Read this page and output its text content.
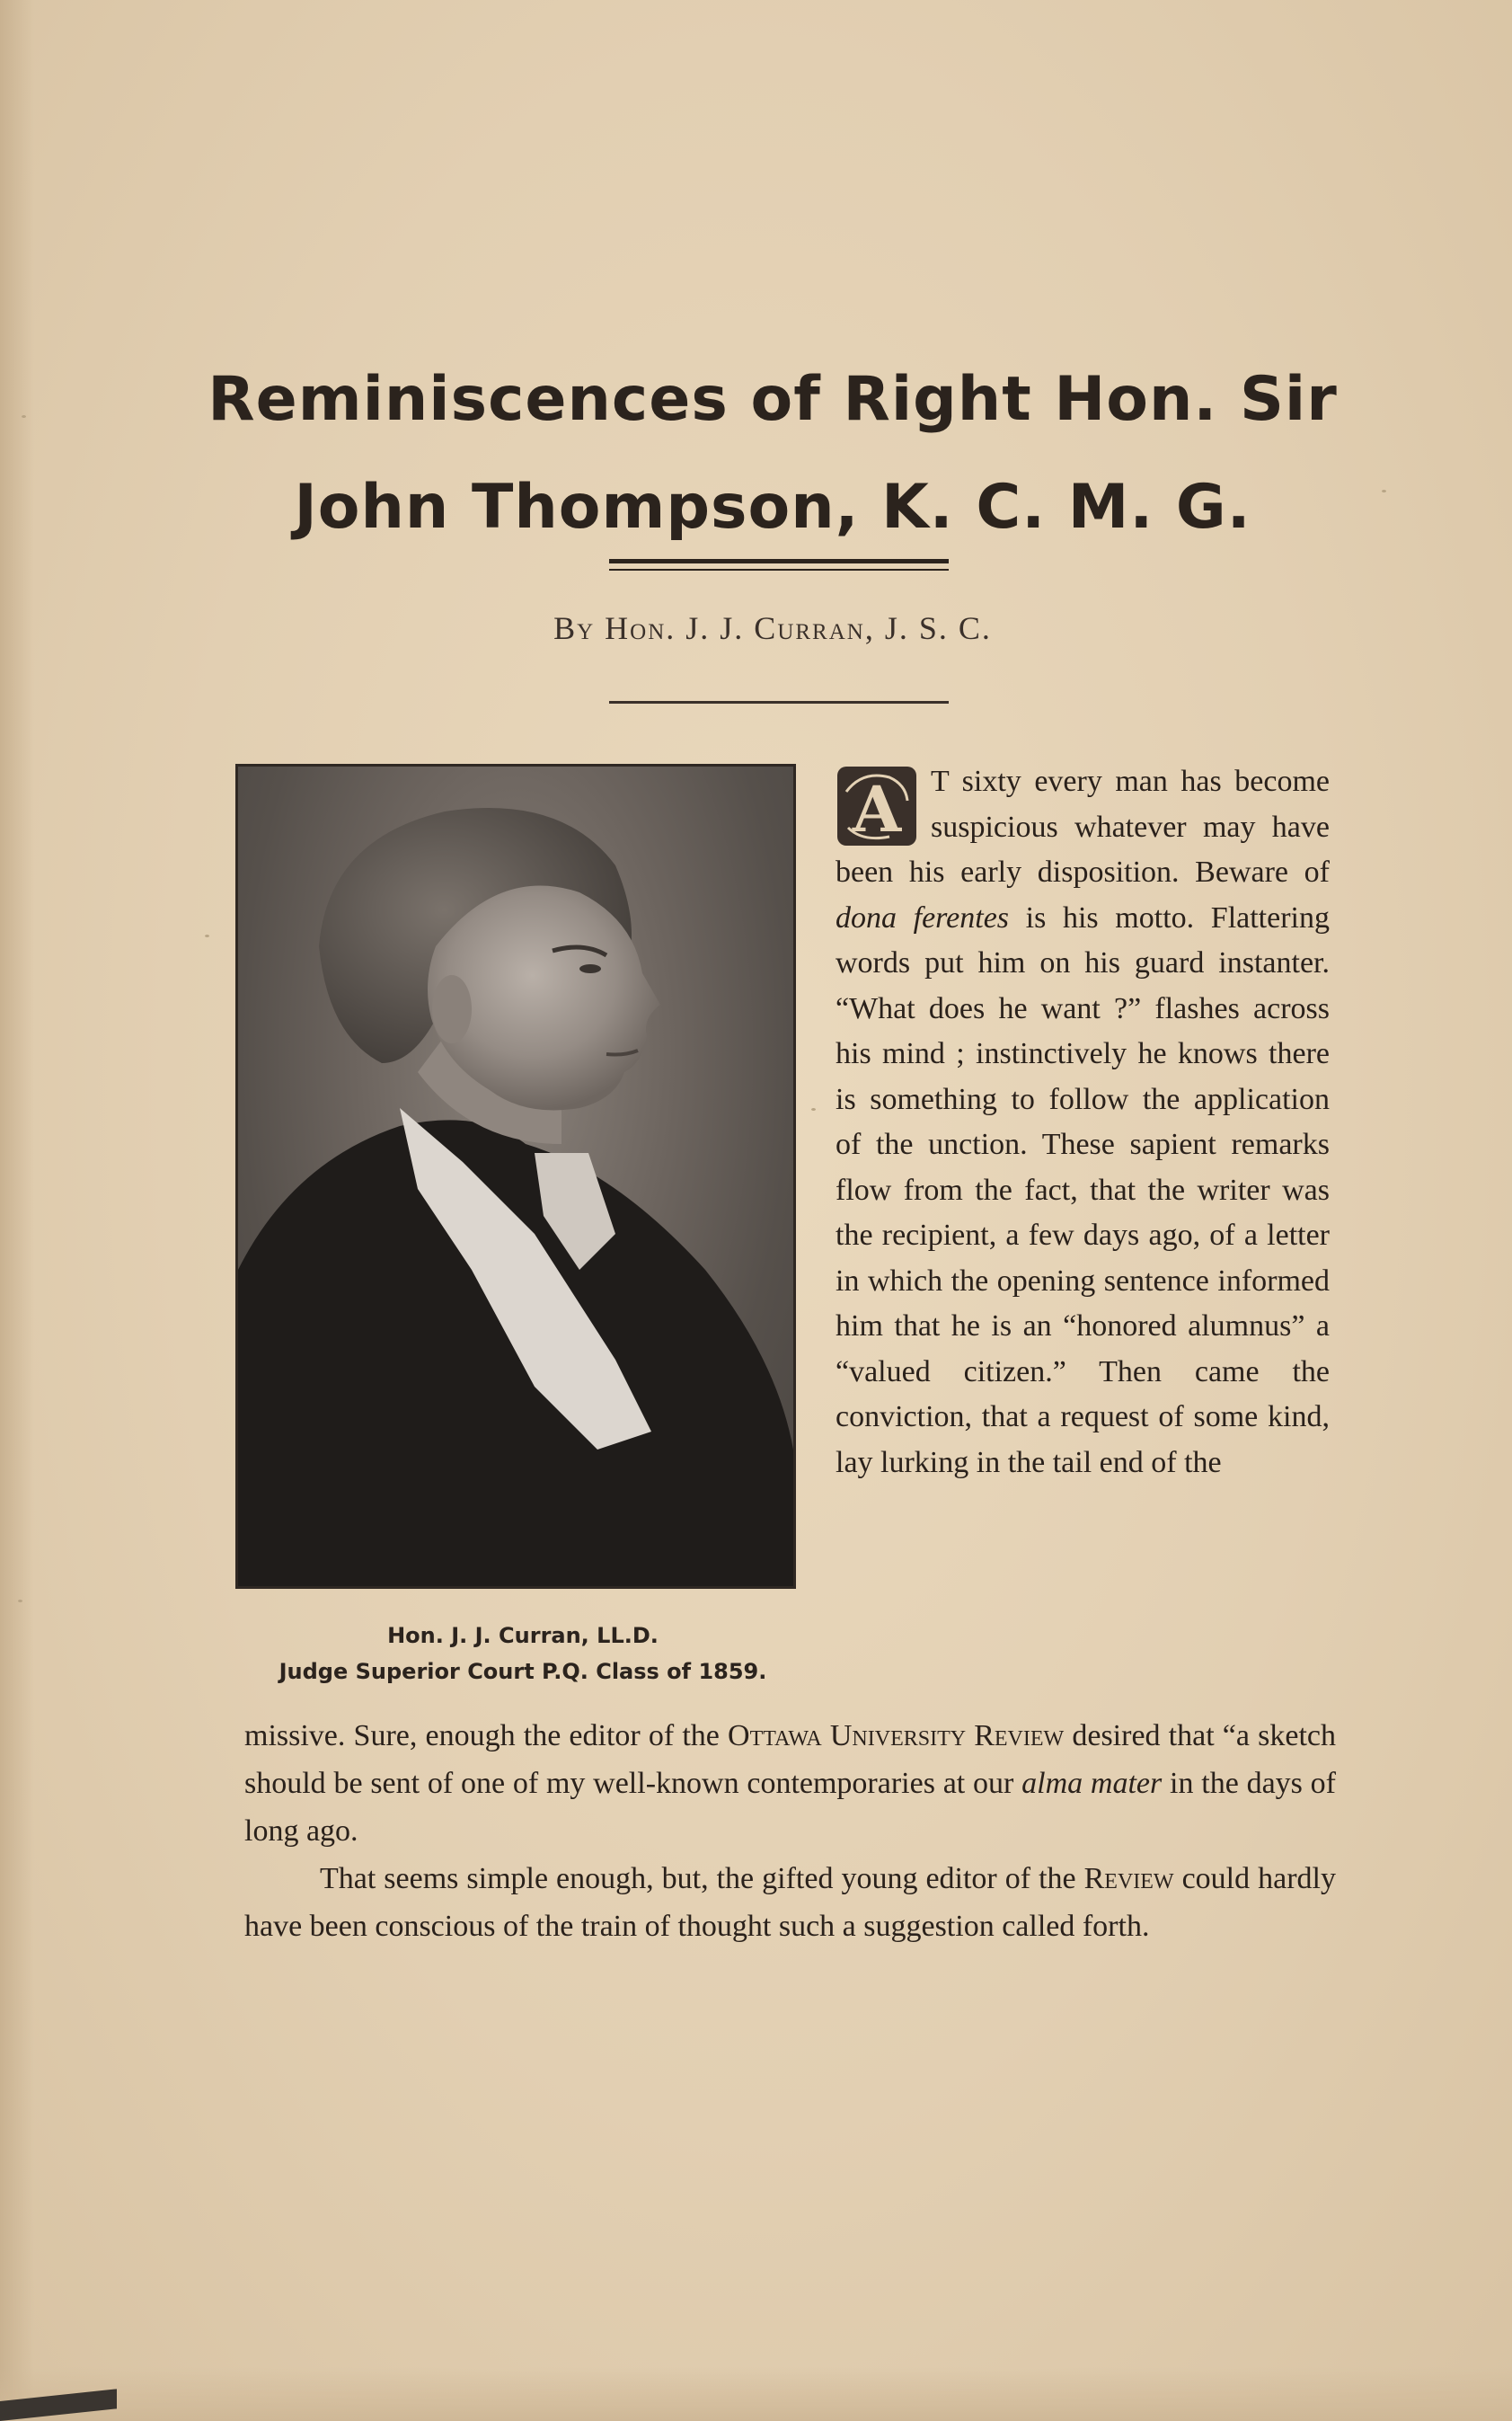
Reminiscences of Right Hon. Sir
John Thompson, K. C. M. G.
By Hon. J. J. Curran, J. S. C.
Hon. J. J. Curran, LL.D.
Judge Superior Court P.Q. Class of 1859.
A T sixty every man has become suspicious whatever may have been his early disposition. Beware of dona ferentes is his motto. Flattering words put him on his guard instanter. “What does he want ?” flashes across his mind ; instinctively he knows there is something to follow the application of the unction. These sapient remarks flow from the fact, that the writer was the recipient, a few days ago, of a letter in which the opening sentence informed him that he is an “honored alumnus” a “valued citizen.” Then came the conviction, that a request of some kind, lay lurking in the tail end of the

missive. Sure, enough the editor of the Ottawa University Review desired that “a sketch should be sent of one of my well-known contemporaries at our alma mater in the days of long ago.

That seems simple enough, but, the gifted young editor of the Review could hardly have been conscious of the train of thought such a suggestion called forth.
